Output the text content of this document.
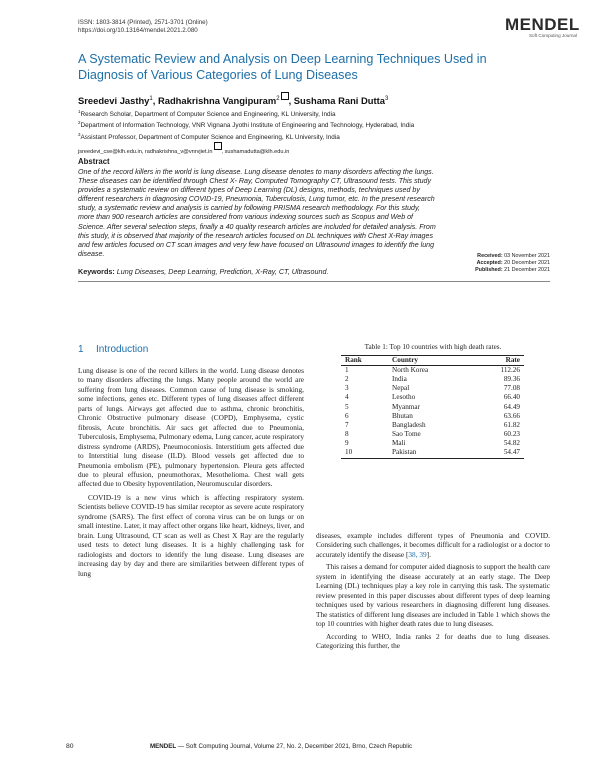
ISSN: 1803-3814 (Printed), 2571-3701 (Online)
https://doi.org/10.13164/mendel.2021.2.080	MENDEL
Soft Computing Journal
A Systematic Review and Analysis on Deep Learning Techniques Used in Diagnosis of Various Categories of Lung Diseases
Sreedevi Jasthy$^1$, Radhakrishna Vangipuram$^2$ , Sushama Rani Dutta$^3$
$^1$Research Scholar, Department of Computer Science and Engineering, KL University, India
$^2$Department of Information Technology, VNR Vignana Jyothi Institute of Engineering and Technology, Hyderabad, India
$^3$Assistant Professor, Department of Computer Science and Engineering, KL University, India
jsreedevi_cse@klh.edu.in, radhakrishna_v@vnrvjiet.in , sushamadutta@klh.edu.in
Abstract
One of the record killers in the world is lung disease. Lung disease denotes to many disorders affecting the lungs. These diseases can be identified through Chest X- Ray, Computed Tomography CT, Ultrasound tests. This study provides a systematic review on different types of Deep Learning (DL) designs, methods, techniques used by different researchers in diagnosing COVID-19, Pneumonia, Tuberculosis, Lung tumor, etc. In the present research study, a systematic review and analysis is carried by following PRISMA research methodology. For this study, more than 900 research articles are considered from various indexing sources such as Scopus and Web of Science. After several selection steps, finally a 40 quality research articles are included for detailed analysis. From this study, it is observed that majority of the research articles focused on DL techniques with Chest X-Ray images and few articles focused on CT scan images and very few have focused on Ultrasound images to identify the lung disease.	Received: 03 November 2021
Accepted: 20 December 2021
Published: 21 December 2021
Keywords: Lung Diseases, Deep Learning, Prediction, X-Ray, CT, Ultrasound.
1 Introduction

Lung disease is one of the record killers in the world. Lung disease denotes to many disorders affecting the lungs. Many people around the world are suffering from lung diseases. Common cause of lung disease is smoking, some infections, genes etc. Different types of lung diseases affect different parts of lungs. Airways get affected due to asthma, chronic bronchitis, Chronic Obstructive pulmonary disease (COPD), Emphysema, cystic fibrosis, Acute bronchitis. Air sacs get affected due to Pneumonia, Tuberculosis, Emphysema, Pulmonary edema, Lung cancer, acute respiratory distress syndrome (ARDS), Pneumoconiosis. Interstitium gets affected due to Interstitial lung disease (ILD). Blood vessels get affected due to Pneumonia embolism (PE), pulmonary hypertension. Pleura gets affected due to pleural effusion, pneumothorax, Mesothelioma. Chest wall gets affected due to Obesity hypoventilation, Neuromuscular disorders.

COVID-19 is a new virus which is affecting respiratory system. Scientists believe COVID-19 has similar receptor as severe acute respiratory syndrome (SARS). The first effect of corona virus can be on lungs or on small intestine. Later, it may affect other organs like heart, kidneys, liver, and brain. Lung Ultrasound, CT scan as well as Chest X Ray are the regularly used tests to detect lung diseases. It is a highly challenging task for radiologists and doctors to identify the lung disease. Lung diseases are increasing day by day and there are similarities between different types of lung

Table 1: Top 10 countries with high death rates.
Rank	Country	Rate
1	North Korea	112.26
2	India	89.36
3	Nepal	77.08
4	Lesotho	66.40
5	Myanmar	64.49
6	Bhutan	63.66
7	Bangladesh	61.82
8	Sao Tome	60.23
9	Mali	54.82
10	Pakistan	54.47

diseases, example includes different types of Pneumonia and COVID. Considering such challenges, it becomes difficult for a radiologist or a doctor to accurately identify the disease [38, 39].

This raises a demand for computer aided diagnosis to support the health care system in identifying the disease accurately at an early stage. The Deep Learning (DL) techniques play a key role in carrying this task. The systematic review presented in this paper discusses about different types of deep learning techniques used by various researchers in diagnosing different lung diseases. The statistics of different lung diseases are included in Table 1 which shows the top 10 countries with higher death rates due to lung diseases.

According to WHO, India ranks 2 for deaths due to lung diseases. Categorizing this further, the

80	MENDEL — Soft Computing Journal, Volume 27, No. 2, December 2021, Brno, Czech Republic
